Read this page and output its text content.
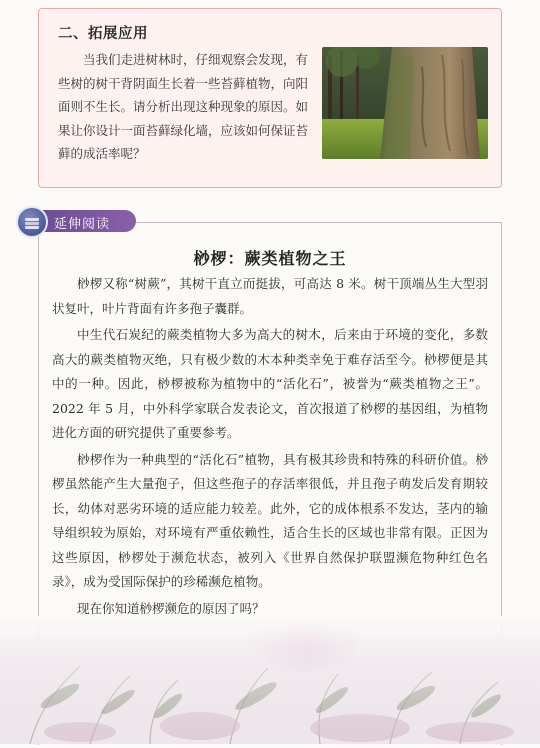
二、拓展应用

当我们走进树林时，仔细观察会发现，有些树的树干背阴面生长着一些苔藓植物，向阳面则不生长。请分析出现这种现象的原因。如果让你设计一面苔藓绿化墙，应该如何保证苔藓的成活率呢？

延伸阅读
桫椤：蕨类植物之王

桫椤又称“树蕨”，其树干直立而挺拔，可高达 8 米。树干顶端丛生大型羽状复叶，叶片背面有许多孢子囊群。

中生代石炭纪的蕨类植物大多为高大的树木，后来由于环境的变化，多数高大的蕨类植物灭绝，只有极少数的木本种类幸免于难存活至今。桫椤便是其中的一种。因此，桫椤被称为植物中的“活化石”，被誉为“蕨类植物之王”。2022 年 5 月，中外科学家联合发表论文，首次报道了桫椤的基因组，为植物进化方面的研究提供了重要参考。

桫椤作为一种典型的“活化石”植物，具有极其珍贵和特殊的科研价值。桫椤虽然能产生大量孢子，但这些孢子的存活率很低，并且孢子萌发后发育期较长，幼体对恶劣环境的适应能力较差。此外，它的成体根系不发达，茎内的输导组织较为原始，对环境有严重依赖性，适合生长的区域也非常有限。正因为这些原因，桫椤处于濒危状态，被列入《世界自然保护联盟濒危物种红色名录》，成为受国际保护的珍稀濒危植物。

现在你知道桫椤濒危的原因了吗？
